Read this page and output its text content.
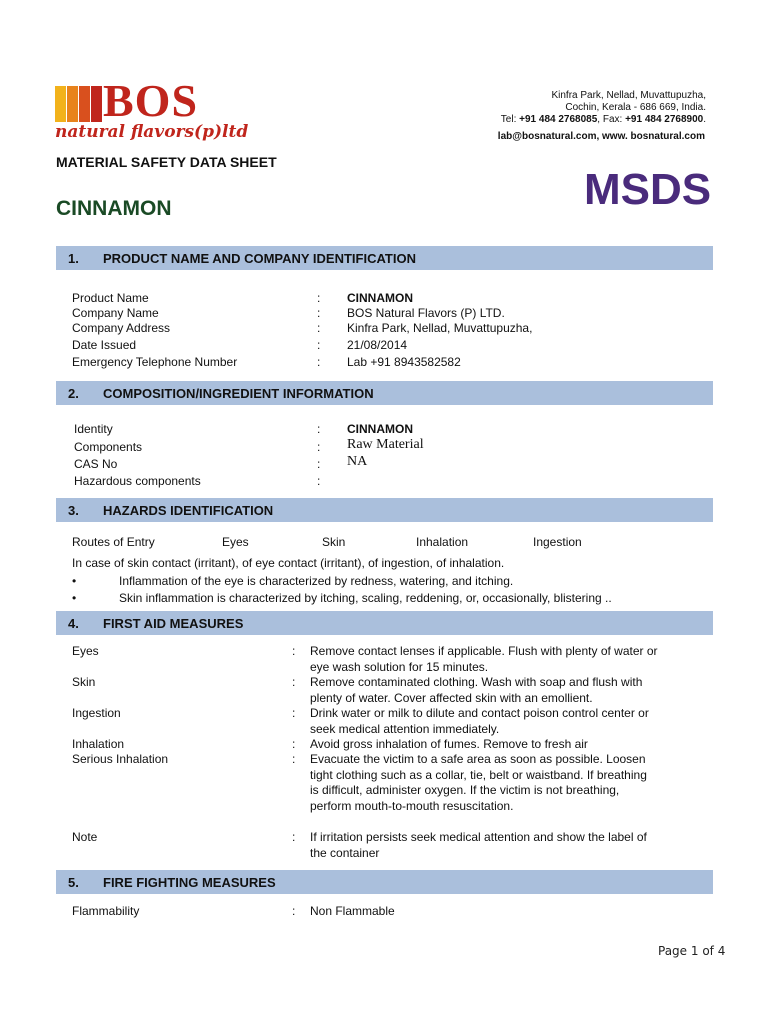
BOS
natural flavors(p)ltd
Kinfra Park, Nellad, Muvattupuzha,
Cochin, Kerala - 686 669, India.
Tel: +91 484 2768085, Fax: +91 484 2768900.
lab@bosnatural.com, www. bosnatural.com
MATERIAL SAFETY DATA SHEET
MSDS
CINNAMON
1. PRODUCT NAME AND COMPANY IDENTIFICATION
Product Name	: CINNAMON
Company Name	: BOS Natural Flavors (P) LTD.
Company Address	: Kinfra Park, Nellad, Muvattupuzha,
Date Issued	: 21/08/2014
Emergency Telephone Number	: Lab +91 8943582582
2. COMPOSITION/INGREDIENT INFORMATION
Identity	: CINNAMON
Components	: Raw Material
CAS No	: NA
Hazardous components	:
3. HAZARDS IDENTIFICATION
Routes of Entry	Eyes	Skin	Inhalation	Ingestion
In case of skin contact (irritant), of eye contact (irritant), of ingestion, of inhalation.
•	Inflammation of the eye is characterized by redness, watering, and itching.
•	Skin inflammation is characterized by itching, scaling, reddening, or, occasionally, blistering ..
4. FIRST AID MEASURES
Eyes	: Remove contact lenses if applicable. Flush with plenty of water or
eye wash solution for 15 minutes.
Skin	: Remove contaminated clothing. Wash with soap and flush with
plenty of water. Cover affected skin with an emollient.
Ingestion	: Drink water or milk to dilute and contact poison control center or
seek medical attention immediately.
Inhalation	: Avoid gross inhalation of fumes. Remove to fresh air
Serious Inhalation	: Evacuate the victim to a safe area as soon as possible. Loosen
tight clothing such as a collar, tie, belt or waistband. If breathing
is difficult, administer oxygen. If the victim is not breathing,
perform mouth-to-mouth resuscitation.
Note	: If irritation persists seek medical attention and show the label of
the container
5. FIRE FIGHTING MEASURES
Flammability	: Non Flammable
Page 1 of 4
